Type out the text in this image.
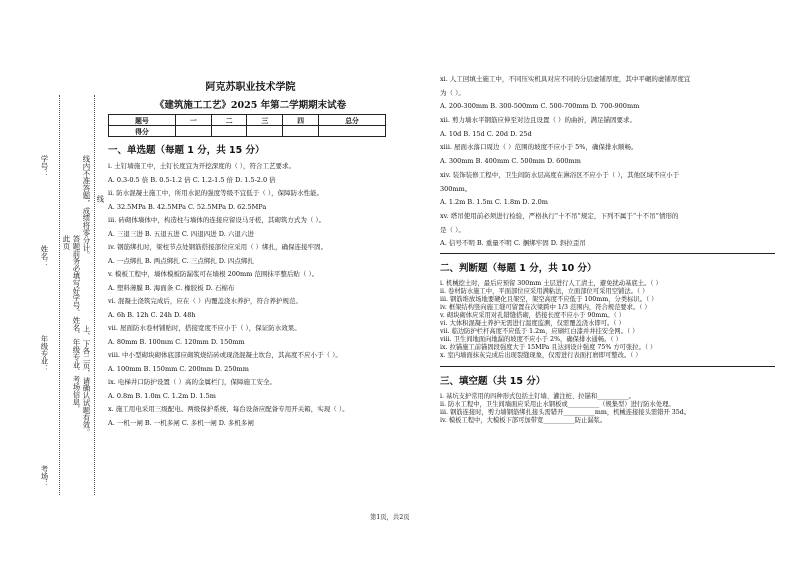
学号：
姓名：
年级专业：
考场：
线内不准答题，成绩将零分计。
答题前务必填写好学号、姓名、年级专业、考场信息，
此页
上、下各二页，请确认试题有效。
线
阿克苏职业技术学院
《建筑施工工艺》2025 年第二学期期末试卷
题号	一	二	三	四	总分
得分					
一、单选题（每题 1 分，共 15 分）

i. 土钉墙施工中，土钉长度宜为开挖深度的（ ），符合工艺要求。

A. 0.3-0.5 倍 B. 0.5-1.2 倍 C. 1.2-1.5 倍 D. 1.5-2.0 倍

ii. 防水混凝土施工中，所用水泥的强度等级不宜低于（ ），保障防水性能。

A. 32.5MPa B. 42.5MPa C. 52.5MPa D. 62.5MPa

iii. 砖砌体墙体中，构造柱与墙体的连接应留设马牙槎，其砌筑方式为（ ）。

A. 三退三进 B. 五退五进 C. 四退四进 D. 六退六进

iv. 钢筋绑扎时，梁柱节点处钢筋搭接部位应采用（ ）绑扎，确保连接牢固。

A. 一点绑扎 B. 两点绑扎 C. 三点绑扎 D. 四点绑扎

v. 模板工程中，墙体模板防漏浆可在墙根 200mm 范围抹平整后贴（ ）。

A. 塑料薄膜 B. 海面条 C. 橡胶板 D. 石棉布

vi. 混凝土浇筑完成后，应在（ ）内覆盖浇水养护，符合养护规范。

A. 6h B. 12h C. 24h D. 48h

vii. 屋面防水卷材铺贴时，搭接宽度不应小于（ ），保证防水效果。

A. 80mm B. 100mm C. 120mm D. 150mm

viii. 中小型砌块砌体底部应砌筑烧结砖或现浇混凝土坎台，其高度不应小于（ ）。

A. 100mm B. 150mm C. 200mm D. 250mm

ix. 电梯井口防护设置（ ）高的金属栏门，保障施工安全。

A. 0.8m B. 1.0m C. 1.2m D. 1.5m

x. 施工用电采用三级配电、两级保护系统，每台设备应配备专用开关箱，实现（ ）。

A. 一机一闸 B. 一机多闸 C. 多机一闸 D. 多机多闸

xi. 人工回填土施工中，不同压实机具对应不同的分层虚铺厚度，其中平碾的虚铺厚度宜

为（ ）。

A. 200-300mm B. 300-500mm C. 500-700mm D. 700-900mm

xii. 剪力墙水平钢筋应伸至对边且设置（ ）的曲折，满足锚固要求。

A. 10d B. 15d C. 20d D. 25d

xiii. 屋面水落口周边（ ）范围的坡度不应小于 5%，确保排水顺畅。

A. 300mm B. 400mm C. 500mm D. 600mm

xiv. 装饰装修工程中，卫生间防水层高度在淋浴区不应小于（ ），其他区域不应小于

300mm。

A. 1.2m B. 1.5m C. 1.8m D. 2.0m

xv. 塔吊使用前必须进行检验，严格执行“十不吊”规定，下列不属于“十不吊”情形的

是（ ）。

A. 信号不明 B. 重量不明 C. 捆绑牢固 D. 斜拉歪吊

二、判断题（每题 1 分，共 10 分）

i. 机械挖土时，最后应预留 300mm 土层进行人工清土，避免扰动基底土。（ ）

ii. 卷材防水施工中，平面部位应采用满粘法，立面部位可采用空铺法。（ ）

iii. 钢筋堆放场地要硬化且架空，架空高度不应低于 100mm，分类标识。（ ）

iv. 框架结构竖向施工缝可留置在次梁跨中 1/3 范围内，符合规范要求。（ ）

v. 砌块砌体应采用对孔错缝搭砌，搭接长度不应小于 90mm。（ ）

vi. 大体积混凝土养护无需进行温度监测，仅需覆盖浇水即可。（ ）

vii. 临边防护栏杆高度不应低于 1.2m，应刷红白漆并并挂安全网。（ ）

viii. 卫生间地面向地漏的坡度不应小于 2%，确保排水通畅。（ ）

ix. 拉锚施工前锚固段强度大于 15MPa 且达到设计强度 75% 方可张拉。（ ）

x. 室内墙面抹灰完成后出现裂缝现象，仅需进行表面打磨即可整改。（ ）

三、填空题（共 15 分）

i. 基坑支护常用的四种形式包括土钉墙、灌注桩、拉锚和__________。

ii. 防水工程中，卫生间墙面应采用止水钢板或__________（规集型）进行防水处理。

iii. 钢筋连接时，剪力墙钢筋绑扎接头需错开__________mm，机械连接接头需错开 35d。

iv. 模板工程中，大模板下部可加带宽__________防止漏浆。

第1页，共2页
